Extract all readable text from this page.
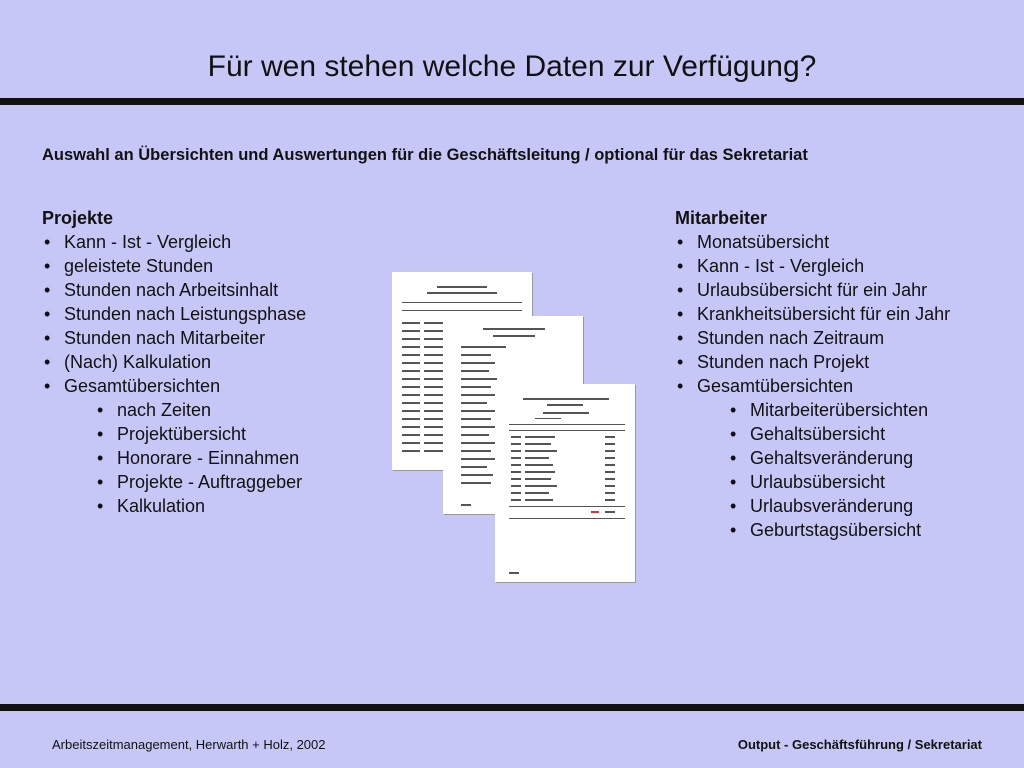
Für wen stehen welche Daten zur Verfügung?
Auswahl an Übersichten und Auswertungen für die Geschäftsleitung / optional für das Sekretariat
Projekte
• Kann - Ist - Vergleich
• geleistete Stunden
• Stunden nach Arbeitsinhalt
• Stunden nach Leistungsphase
• Stunden nach Mitarbeiter
• (Nach) Kalkulation
• Gesamtübersichten
• nach Zeiten
• Projektübersicht
• Honorare - Einnahmen
• Projekte - Auftraggeber
• Kalkulation
Mitarbeiter
• Monatsübersicht
• Kann - Ist - Vergleich
• Urlaubsübersicht für ein Jahr
• Krankheitsübersicht für ein Jahr
• Stunden nach Zeitraum
• Stunden nach Projekt
• Gesamtübersichten
• Mitarbeiterübersichten
• Gehaltsübersicht
• Gehaltsveränderung
• Urlaubsübersicht
• Urlaubsveränderung
• Geburtstagsübersicht
Arbeitszeitmanagement, Herwarth + Holz, 2002	Output - Geschäftsführung / Sekretariat
